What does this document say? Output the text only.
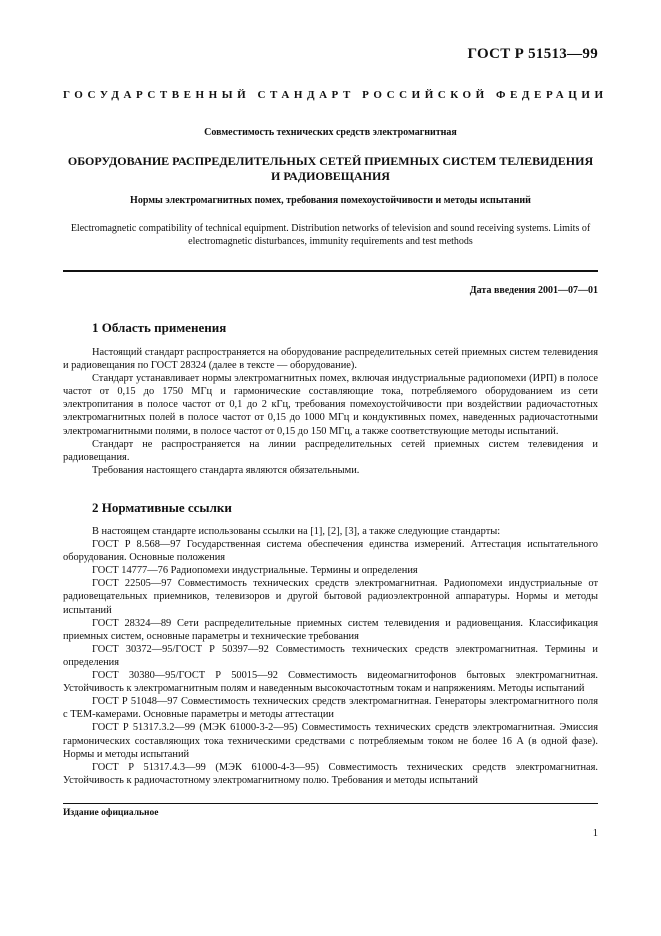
ГОСТ Р 51513—99
ГОСУДАРСТВЕННЫЙ СТАНДАРТ РОССИЙСКОЙ ФЕДЕРАЦИИ
Совместимость технических средств электромагнитная
ОБОРУДОВАНИЕ РАСПРЕДЕЛИТЕЛЬНЫХ СЕТЕЙ ПРИЕМНЫХ СИСТЕМ ТЕЛЕВИДЕНИЯ
И РАДИОВЕЩАНИЯ
Нормы электромагнитных помех, требования помехоустойчивости и методы испытаний
Electromagnetic compatibility of technical equipment. Distribution networks of television and sound receiving systems. Limits of electromagnetic disturbances, immunity requirements and test methods
Дата введения 2001—07—01
1 Область применения

Настоящий стандарт распространяется на оборудование распределительных сетей приемных систем телевидения и радиовещания по ГОСТ 28324 (далее в тексте — оборудование).

Стандарт устанавливает нормы электромагнитных помех, включая индустриальные радиопомехи (ИРП) в полосе частот от 0,15 до 1750 МГц и гармонические составляющие тока, потребляемого оборудованием из сети электропитания в полосе частот от 0,1 до 2 кГц, требования помехоустойчивости при воздействии радиочастотных электромагнитных полей в полосе частот от 0,15 до 1000 МГц и кондуктивных помех, наведенных радиочастотными электромагнитными полями, в полосе частот от 0,15 до 150 МГц, а также соответствующие методы испытаний.

Стандарт не распространяется на линии распределительных сетей приемных систем телевидения и радиовещания.

Требования настоящего стандарта являются обязательными.

2 Нормативные ссылки

В настоящем стандарте использованы ссылки на [1], [2], [3], а также следующие стандарты:

ГОСТ Р 8.568—97 Государственная система обеспечения единства измерений. Аттестация испытательного оборудования. Основные положения

ГОСТ 14777—76 Радиопомехи индустриальные. Термины и определения

ГОСТ 22505—97 Совместимость технических средств электромагнитная. Радиопомехи индустриальные от радиовещательных приемников, телевизоров и другой бытовой радиоэлектронной аппаратуры. Нормы и методы испытаний

ГОСТ 28324—89 Сети распределительные приемных систем телевидения и радиовещания. Классификация приемных систем, основные параметры и технические требования

ГОСТ 30372—95/ГОСТ Р 50397—92 Совместимость технических средств электромагнитная. Термины и определения

ГОСТ 30380—95/ГОСТ Р 50015—92 Совместимость видеомагнитофонов бытовых электромагнитная. Устойчивость к электромагнитным полям и наведенным высокочастотным токам и напряжениям. Методы испытаний

ГОСТ Р 51048—97 Совместимость технических средств электромагнитная. Генераторы электромагнитного поля с ТЕМ-камерами. Основные параметры и методы аттестации

ГОСТ Р 51317.3.2—99 (МЭК 61000-3-2—95) Совместимость технических средств электромагнитная. Эмиссия гармонических составляющих тока техническими средствами с потребляемым током не более 16 А (в одной фазе). Нормы и методы испытаний

ГОСТ Р 51317.4.3—99 (МЭК 61000-4-3—95) Совместимость технических средств электромагнитная. Устойчивость к радиочастотному электромагнитному полю. Требования и методы испытаний

Издание официальное
1
